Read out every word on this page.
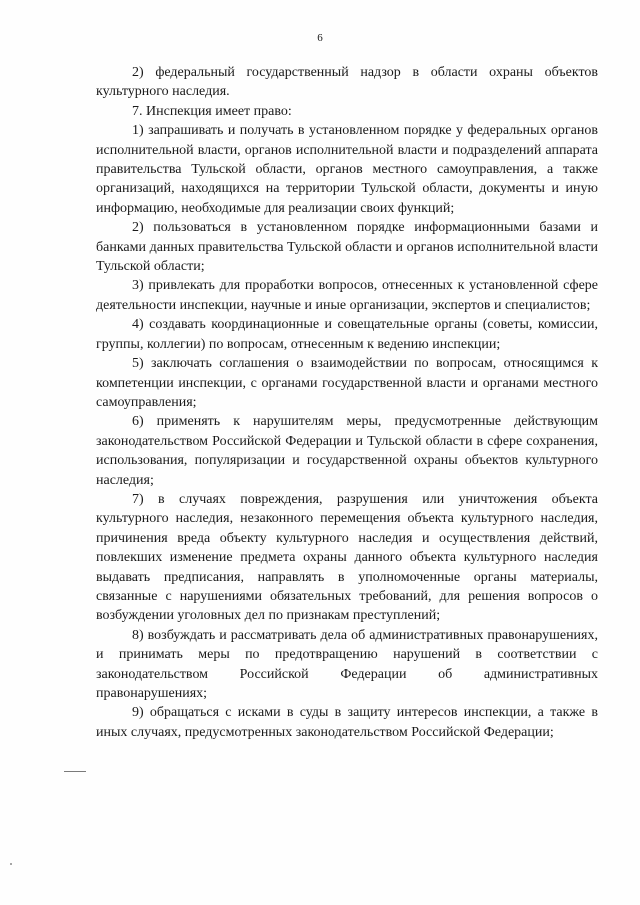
6

2) федеральный государственный надзор в области охраны объектов культурного наследия.

7. Инспекция имеет право:

1) запрашивать и получать в установленном порядке у федеральных органов исполнительной власти, органов исполнительной власти и подразделений аппарата правительства Тульской области, органов местного самоуправления, а также организаций, находящихся на территории Тульской области, документы и иную информацию, необходимые для реализации своих функций;

2) пользоваться в установленном порядке информационными базами и банками данных правительства Тульской области и органов исполнительной власти Тульской области;

3) привлекать для проработки вопросов, отнесенных к установленной сфере деятельности инспекции, научные и иные организации, экспертов и специалистов;

4) создавать координационные и совещательные органы (советы, комиссии, группы, коллегии) по вопросам, отнесенным к ведению инспекции;

5) заключать соглашения о взаимодействии по вопросам, относящимся к компетенции инспекции, с органами государственной власти и органами местного самоуправления;

6) применять к нарушителям меры, предусмотренные действующим законодательством Российской Федерации и Тульской области в сфере сохранения, использования, популяризации и государственной охраны объектов культурного наследия;

7) в случаях повреждения, разрушения или уничтожения объекта культурного наследия, незаконного перемещения объекта культурного наследия, причинения вреда объекту культурного наследия и осуществления действий, повлекших изменение предмета охраны данного объекта культурного наследия выдавать предписания, направлять в уполномоченные органы материалы, связанные с нарушениями обязательных требований, для решения вопросов о возбуждении уголовных дел по признакам преступлений;

8) возбуждать и рассматривать дела об административных правонарушениях, и принимать меры по предотвращению нарушений в соответствии с законодательством Российской Федерации об административных правонарушениях;

9) обращаться с исками в суды в защиту интересов инспекции, а также в иных случаях, предусмотренных законодательством Российской Федерации;
